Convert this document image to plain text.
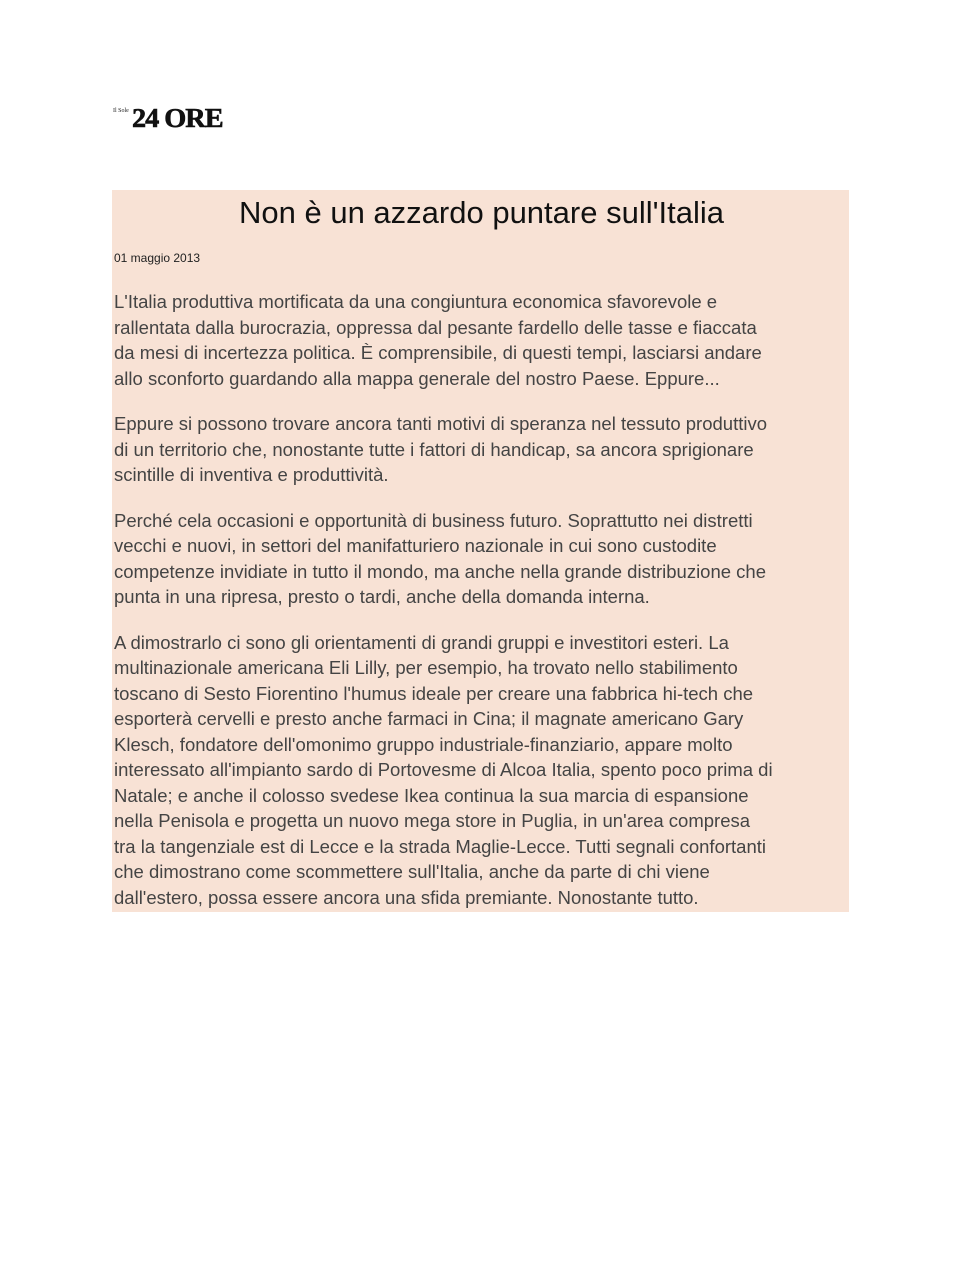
Il Sole 24 ORE
Non è un azzardo puntare sull'Italia

01 maggio 2013

L'Italia produttiva mortificata da una congiuntura economica sfavorevole e
rallentata dalla burocrazia, oppressa dal pesante fardello delle tasse e fiaccata
da mesi di incertezza politica. È comprensibile, di questi tempi, lasciarsi andare
allo sconforto guardando alla mappa generale del nostro Paese. Eppure...

Eppure si possono trovare ancora tanti motivi di speranza nel tessuto produttivo
di un territorio che, nonostante tutte i fattori di handicap, sa ancora sprigionare
scintille di inventiva e produttività.

Perché cela occasioni e opportunità di business futuro. Soprattutto nei distretti
vecchi e nuovi, in settori del manifatturiero nazionale in cui sono custodite
competenze invidiate in tutto il mondo, ma anche nella grande distribuzione che
punta in una ripresa, presto o tardi, anche della domanda interna.

A dimostrarlo ci sono gli orientamenti di grandi gruppi e investitori esteri. La
multinazionale americana Eli Lilly, per esempio, ha trovato nello stabilimento
toscano di Sesto Fiorentino l'humus ideale per creare una fabbrica hi-tech che
esporterà cervelli e presto anche farmaci in Cina; il magnate americano Gary
Klesch, fondatore dell'omonimo gruppo industriale-finanziario, appare molto
interessato all'impianto sardo di Portovesme di Alcoa Italia, spento poco prima di
Natale; e anche il colosso svedese Ikea continua la sua marcia di espansione
nella Penisola e progetta un nuovo mega store in Puglia, in un'area compresa
tra la tangenziale est di Lecce e la strada Maglie-Lecce. Tutti segnali confortanti
che dimostrano come scommettere sull'Italia, anche da parte di chi viene
dall'estero, possa essere ancora una sfida premiante. Nonostante tutto.
